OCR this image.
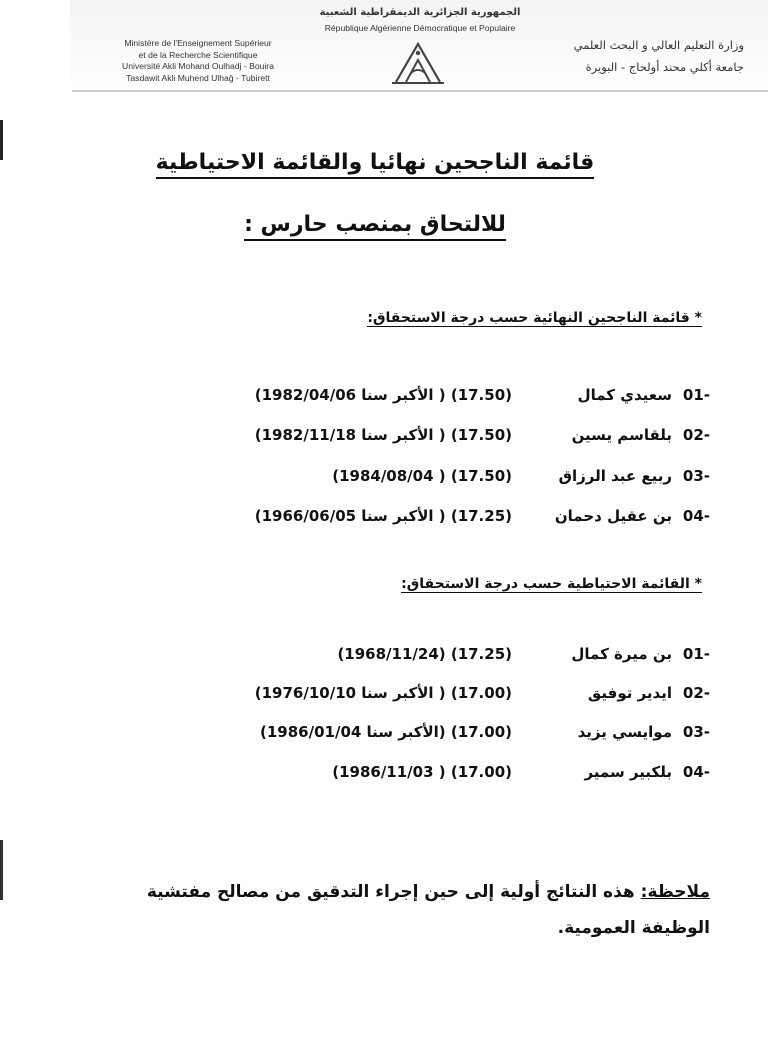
الجمهورية الجزائرية الديمقراطية الشعبية
République Algérienne Démocratique et Populaire
Ministère de l'Enseignement Supérieur
et de la Recherche Scientifique
Université Akli Mohand Oulhadj - Bouira
Tasdawit Akli Muhend Ulhaǧ - Tubirett
وزارة التعليم العالي و البحث العلمي
جامعة أكلي محند أولحاج - البويرة
قائمة الناجحين نهائيا والقائمة الاحتياطية
للالتحاق بمنصب حارس :
* قائمة الناجحين النهائية حسب درجة الاستحقاق:
-01
سعيدي كمال
(17.50) ( الأكبر سنا 1982/04/06)
-02
بلقاسم يسين
(17.50) ( الأكبر سنا 1982/11/18)
-03
ربيع عبد الرزاق
(17.50) ( 1984/08/04)
-04
بن عقيل دحمان
(17.25) ( الأكبر سنا 1966/06/05)
* القائمة الاحتياطية حسب درجة الاستحقاق:
-01
بن ميرة كمال
(17.25) (1968/11/24)
-02
ايدير توفيق
(17.00) ( الأكبر سنا 1976/10/10)
-03
موايسي يزيد
(17.00) (الأكبر سنا 1986/01/04)
-04
بلكبير سمير
(17.00) ( 1986/11/03)
ملاحظة: هذه النتائج أولية إلى حين إجراء التدقيق من مصالح مفتشية الوظيفة العمومية.
